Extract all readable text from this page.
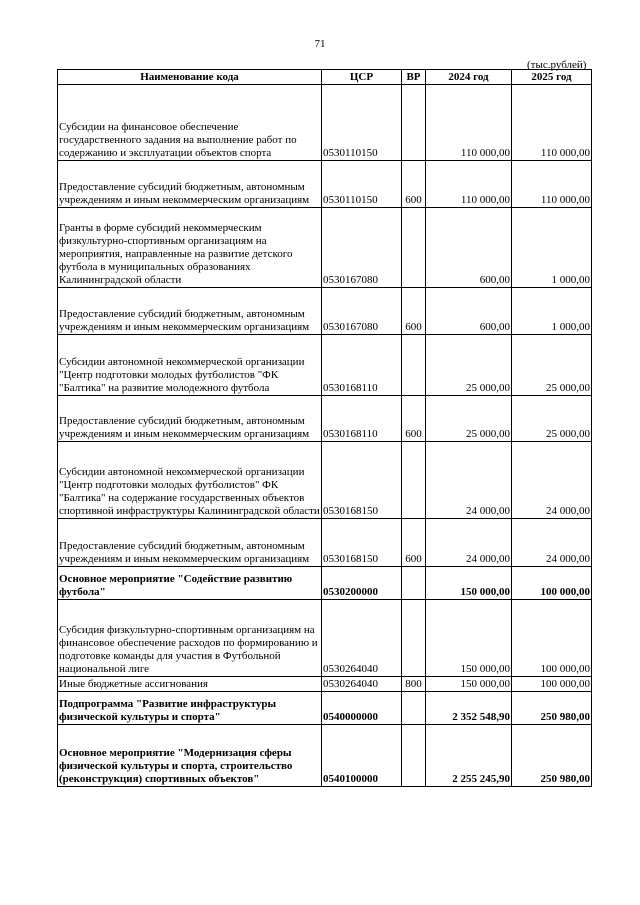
71
(тыс.рублей)
Наименование кода	ЦСР	ВР	2024 год	2025 год
Субсидии на финансовое обеспечение государственного задания на выполнение работ по содержанию и эксплуатации объектов спорта	0530110150		110 000,00	110 000,00
Предоставление субсидий бюджетным, автономным учреждениям и иным некоммерческим организациям	0530110150	600	110 000,00	110 000,00
Гранты в форме субсидий некоммерческим физкультурно-спортивным организациям на мероприятия, направленные на развитие детского футбола в муниципальных образованиях Калининградской области	0530167080		600,00	1 000,00
Предоставление субсидий бюджетным, автономным учреждениям и иным некоммерческим организациям	0530167080	600	600,00	1 000,00
Субсидии автономной некоммерческой организации "Центр подготовки молодых футболистов "ФК "Балтика" на развитие молодежного футбола	0530168110		25 000,00	25 000,00
Предоставление субсидий бюджетным, автономным учреждениям и иным некоммерческим организациям	0530168110	600	25 000,00	25 000,00
Субсидии автономной некоммерческой организации "Центр подготовки молодых футболистов" ФК "Балтика" на содержание государственных объектов спортивной инфраструктуры Калининградской области	0530168150		24 000,00	24 000,00
Предоставление субсидий бюджетным, автономным учреждениям и иным некоммерческим организациям	0530168150	600	24 000,00	24 000,00
Основное мероприятие "Содействие развитию футбола"	0530200000		150 000,00	100 000,00
Субсидия физкультурно-спортивным организациям на финансовое обеспечение расходов по формированию и подготовке команды для участия в Футбольной национальной лиге	0530264040		150 000,00	100 000,00
Иные бюджетные ассигнования	0530264040	800	150 000,00	100 000,00
Подпрограмма "Развитие инфраструктуры физической культуры и спорта"	0540000000		2 352 548,90	250 980,00
Основное мероприятие "Модернизация сферы физической культуры и спорта, строительство (реконструкция) спортивных объектов"	0540100000		2 255 245,90	250 980,00
